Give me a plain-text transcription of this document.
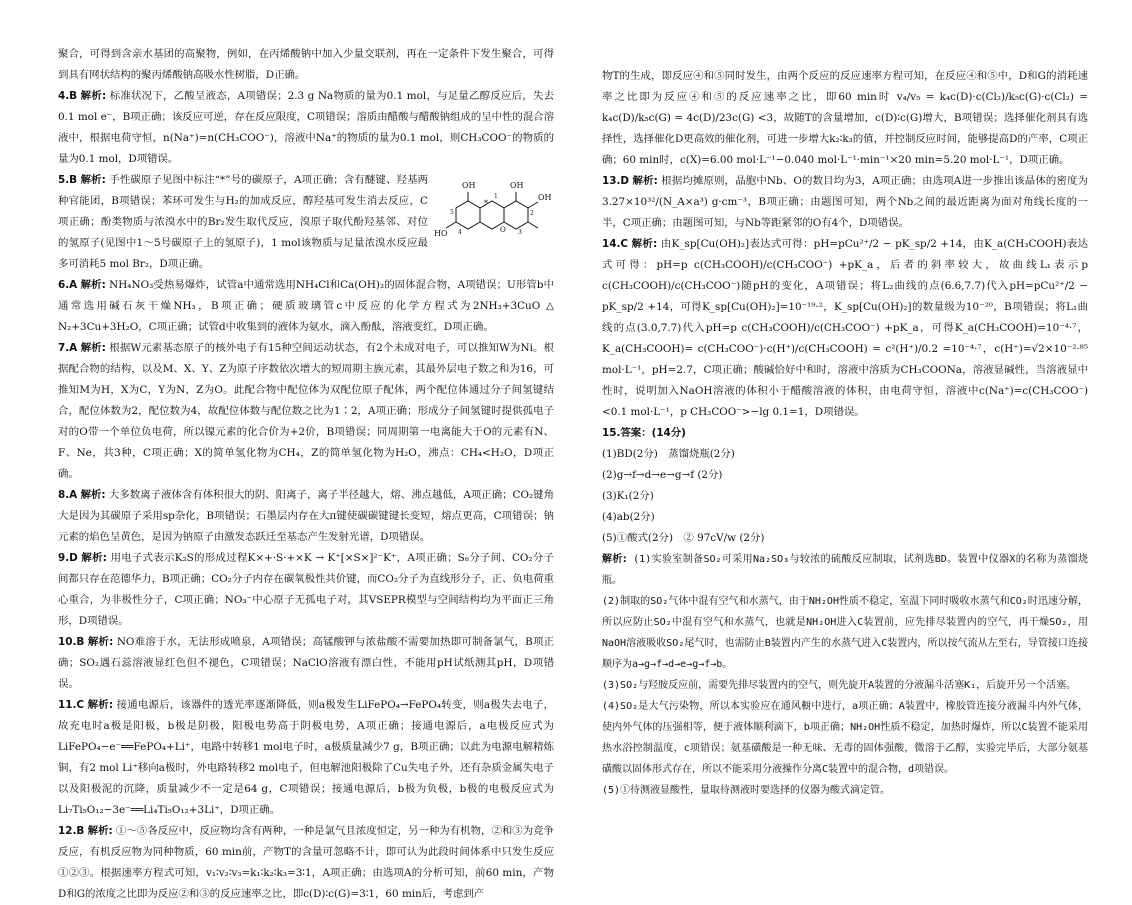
聚合，可得到含亲水基团的高聚物，例如，在丙烯酸钠中加入少量交联剂，再在一定条件下发生聚合，可得到具有网状结构的聚丙烯酸钠高吸水性树脂，D正确。

4.B 解析: 标准状况下，乙酸呈液态，A项错误；2.3 g Na物质的量为0.1 mol，与足量乙醇反应后，失去0.1 mol e⁻，B项正确；该反应可逆，存在反应限度，C项错误；溶质由醋酸与醋酸钠组成的呈中性的混合溶液中，根据电荷守恒，n(Na⁺)=n(CH₃COO⁻)，溶液中Na⁺的物质的量为0.1 mol，则CH₃COO⁻的物质的量为0.1 mol，D项错误。

OH
HO
OH
OH
O
1
2
3
4
5
*
5.B 解析: 手性碳原子见图中标注“*”号的碳原子，A项正确；含有醚键、羟基两种官能团，B项错误；苯环可发生与H₂的加成反应，醇羟基可发生消去反应，C项正确；酚类物质与浓溴水中的Br₂发生取代反应，溴原子取代酚羟基邻、对位的氢原子(见图中1～5号碳原子上的氢原子)，1 mol该物质与足量浓溴水反应最多可消耗5 mol Br₂，D项正确。

6.A 解析: NH₄NO₃受热易爆炸，试管a中通常选用NH₄Cl和Ca(OH)₂的固体混合物，A项错误；U形管b中通常选用碱石灰干燥NH₃，B项正确；硬质玻璃管c中反应的化学方程式为2NH₃+3CuO △ N₂+3Cu+3H₂O，C项正确；试管d中收集到的液体为氨水，滴入酚酞，溶液变红，D项正确。

7.A 解析: 根据W元素基态原子的核外电子有15种空间运动状态，有2个未成对电子，可以推知W为Ni。根据配合物的结构，以及M、X、Y、Z为原子序数依次增大的短周期主族元素，其最外层电子数之和为16，可推知M为H，X为C，Y为N，Z为O。此配合物中配位体为双配位原子配体，两个配位体通过分子间氢键结合，配位体数为2，配位数为4，故配位体数与配位数之比为1∶2，A项正确；形成分子间氢键时提供孤电子对的O带一个单位负电荷，所以镍元素的化合价为+2价，B项错误；同周期第一电离能大于O的元素有N、F、Ne，共3种，C项正确；X的简单氢化物为CH₄，Z的简单氢化物为H₂O，沸点：CH₄<H₂O，D项正确。

8.A 解析: 大多数离子液体含有体积很大的阴、阳离子，离子半径越大，熔、沸点越低，A项正确；CO₂键角大是因为其碳原子采用sp杂化，B项错误；石墨层内存在大π键使碳碳键键长变短，熔点更高，C项错误；钠元素的焰色呈黄色，是因为钠原子由激发态跃迁至基态产生发射光谱，D项错误。

9.D 解析: 用电子式表示K₂S的形成过程K×+·S·+×K → K⁺[×S×]²⁻K⁺，A项正确；S₈分子间、CO₂分子间都只存在范德华力，B项正确；CO₂分子内存在碳氧极性共价键，而CO₂分子为直线形分子，正、负电荷重心重合，为非极性分子，C项正确；NO₃⁻中心原子无孤电子对，其VSEPR模型与空间结构均为平面正三角形，D项错误。

10.B 解析: NO难溶于水，无法形成喷泉，A项错误；高锰酸钾与浓盐酸不需要加热即可制备氯气，B项正确；SO₂遇石蕊溶液显红色但不褪色，C项错误；NaClO溶液有漂白性，不能用pH试纸测其pH，D项错误。

11.C 解析: 接通电源后，该器件的透光率逐渐降低，则a极发生LiFePO₄→FePO₄转变，则a极失去电子，故充电时a极是阳极，b极是阴极，阳极电势高于阴极电势，A项正确；接通电源后，a电极反应式为LiFePO₄−e⁻══FePO₄+Li⁺，电路中转移1 mol电子时，a极质量减少7 g，B项正确；以此为电源电解精炼铜，有2 mol Li⁺移向a极时，外电路转移2 mol电子，但电解池阳极除了Cu失电子外，还有杂质金属失电子以及阳极泥的沉降，质量减少不一定是64 g，C项错误；接通电源后，b极为负极，b极的电极反应式为Li₇Ti₅O₁₂−3e⁻══Li₄Ti₅O₁₂+3Li⁺，D项正确。

12.B 解析: ①～⑤各反应中，反应物均含有两种，一种是氯气且浓度恒定，另一种为有机物，②和③为竞争反应，有机反应物为同种物质，60 min前，产物T的含量可忽略不计，即可认为此段时间体系中只发生反应①②③。根据速率方程式可知，v₁∶v₂∶v₃=k₁∶k₂∶k₃=3∶1，A项正确；由选项A的分析可知，前60 min，产物D和G的浓度之比即为反应②和③的反应速率之比，即c(D)∶c(G)=3∶1，60 min后，考虑到产

物T的生成，即反应④和⑤同时发生，由两个反应的反应速率方程可知，在反应④和⑤中，D和G的消耗速率之比即为反应④和⑤的反应速率之比，即60 min时 v₄/v₅ = k₄c(D)·c(Cl₂)/k₅c(G)·c(Cl₂) = k₄c(D)/k₅c(G) = 4c(D)/23c(G) <3，故随T的含量增加，c(D)∶c(G)增大，B项错误；选择催化剂具有选择性，选择催化D更高效的催化剂，可进一步增大k₂∶k₃的值，并控制反应时间，能够提高D的产率，C项正确；60 min时，c(X)=6.00 mol·L⁻¹−0.040 mol·L⁻¹·min⁻¹×20 min=5.20 mol·L⁻¹，D项正确。

13.D 解析: 根据均摊原则，晶胞中Nb、O的数目均为3，A项正确；由选项A进一步推出该晶体的密度为 3.27×10³²/(N_A×a³) g·cm⁻³，B项正确；由题图可知，两个Nb之间的最近距离为面对角线长度的一半，C项正确；由题图可知，与Nb等距紧邻的O有4个，D项错误。

14.C 解析: 由K_sp[Cu(OH)₂]表达式可得：pH=pCu²⁺/2 − pK_sp/2 +14，由K_a(CH₃COOH)表达式可得：pH=p c(CH₃COOH)/c(CH₃COO⁻) +pK_a，后者的斜率较大，故曲线L₁表示p c(CH₃COOH)/c(CH₃COO⁻)随pH的变化，A项错误；将L₂曲线的点(6.6,7.7)代入pH=pCu²⁺/2 − pK_sp/2 +14，可得K_sp[Cu(OH)₂]=10⁻¹⁹·²，K_sp[Cu(OH)₂]的数量级为10⁻²⁰，B项错误；将L₁曲线的点(3.0,7.7)代入pH=p c(CH₃COOH)/c(CH₃COO⁻) +pK_a，可得K_a(CH₃COOH)=10⁻⁴·⁷，K_a(CH₃COOH)= c(CH₃COO⁻)·c(H⁺)/c(CH₃COOH) = c²(H⁺)/0.2 =10⁻⁴·⁷，c(H⁺)=√2×10⁻²·⁸⁵ mol·L⁻¹，pH=2.7，C项正确；酸碱恰好中和时，溶液中溶质为CH₃COONa，溶液显碱性，当溶液显中性时，说明加入NaOH溶液的体积小于醋酸溶液的体积，由电荷守恒，溶液中c(Na⁺)=c(CH₃COO⁻)<0.1 mol·L⁻¹，p CH₃COO⁻>−lg 0.1=1，D项错误。

15.答案：(14分)

(1)BD(2分)　蒸馏烧瓶(2分)

(2)g→f→d→e→g→f (2分)

(3)K₁(2分)

(4)ab(2分)

(5)①酸式(2分)　② 97cV/w (2分)

解析: (1)实验室制备SO₂可采用Na₂SO₃与较浓的硫酸反应制取，试剂选BD。装置中仪器X的名称为蒸馏烧瓶。

(2)制取的SO₂气体中混有空气和水蒸气，由于NH₂OH性质不稳定，室温下同时吸收水蒸气和CO₂时迅速分解，所以应防止SO₂中混有空气和水蒸气，也就是NH₂OH进入C装置前，应先排尽装置内的空气，再干燥SO₂，用NaOH溶液吸收SO₂尾气时，也需防止B装置内产生的水蒸气进入C装置内，所以按气流从左至右，导管接口连接顺序为a→g→f→d→e→g→f→b。

(3)SO₂与羟胺反应前，需要先排尽装置内的空气，则先旋开A装置的分液漏斗活塞K₁，后旋开另一个活塞。

(4)SO₂是大气污染物，所以本实验应在通风橱中进行，a项正确；A装置中，橡胶管连接分液漏斗内外气体，使内外气体的压强相等，便于液体顺利滴下，b项正确；NH₂OH性质不稳定，加热时爆炸，所以C装置不能采用热水浴控制温度，c项错误；氨基磺酸是一种无味、无毒的固体强酸，微溶于乙醇，实验完毕后，大部分氨基磺酸以固体形式存在，所以不能采用分液操作分离C装置中的混合物，d项错误。

(5)①待测液显酸性，量取待测液时要选择的仪器为酸式滴定管。
